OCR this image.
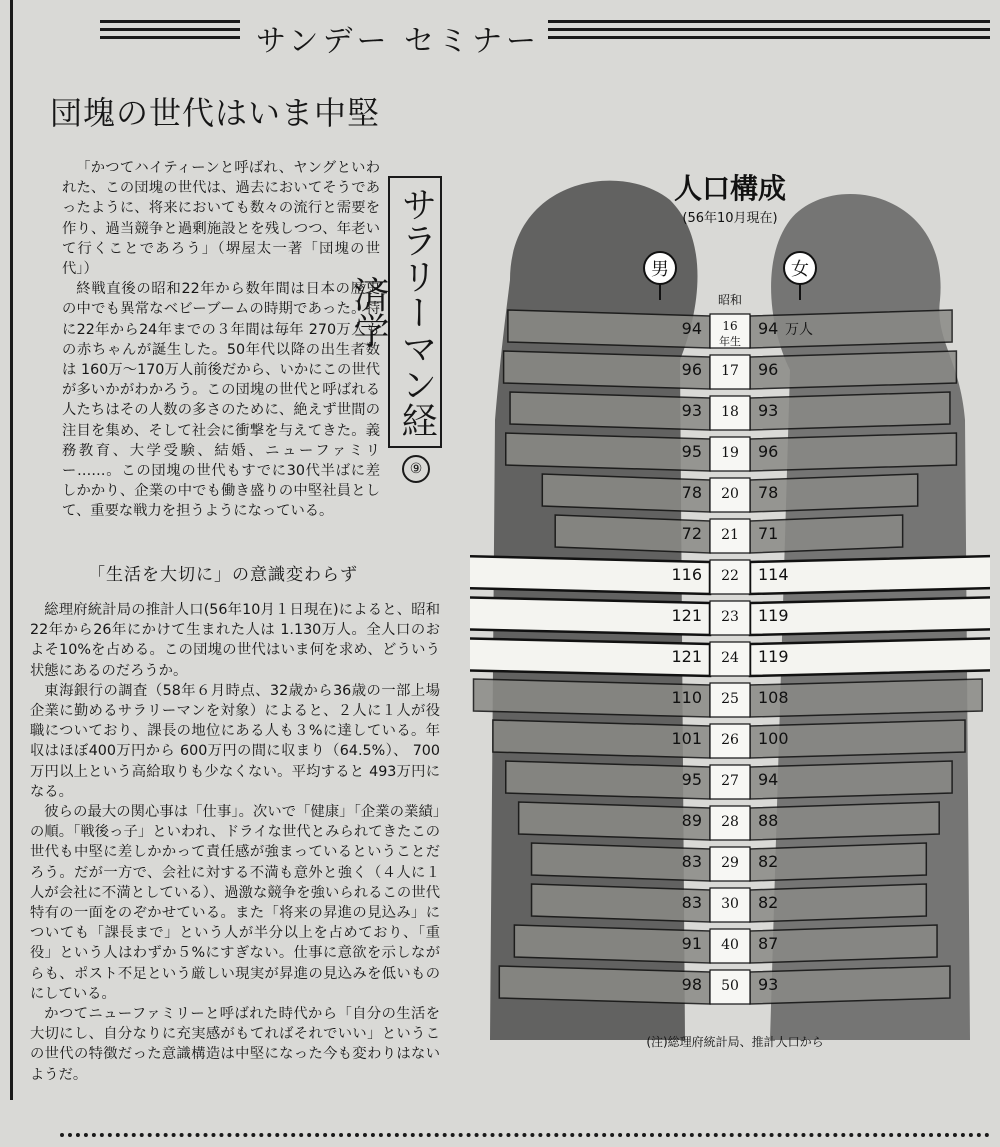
サンデー セミナー
団塊の世代はいま中堅
サラリーマン経済学
⑨

「かつてハイティーンと呼ばれ、ヤングといわれた、この団塊の世代は、過去においてそうであったように、将来においても数々の流行と需要を作り、過当競争と過剰施設とを残しつつ、年老いて行くことであろう」（堺屋太一著「団塊の世代」）

終戦直後の昭和22年から数年間は日本の歴史の中でも異常なベビーブームの時期であった。特に22年から24年までの３年間は毎年 270万人もの赤ちゃんが誕生した。50年代以降の出生者数は 160万～170万人前後だから、いかにこの世代が多いかがわかろう。この団塊の世代と呼ばれる人たちはその人数の多さのために、絶えず世間の注目を集め、そして社会に衝撃を与えてきた。義務教育、大学受験、結婚、ニューファミリー……。この団塊の世代もすでに30代半ばに差しかかり、企業の中でも働き盛りの中堅社員として、重要な戦力を担うようになっている。

「生活を大切に」の意識変わらず

総理府統計局の推計人口(56年10月１日現在)によると、昭和22年から26年にかけて生まれた人は 1.130万人。全人口のおよそ10%を占める。この団塊の世代はいま何を求め、どういう状態にあるのだろうか。

東海銀行の調査（58年６月時点、32歳から36歳の一部上場企業に勤めるサラリーマンを対象）によると、２人に１人が役職についており、課長の地位にある人も３%に達している。年収はほぼ400万円から 600万円の間に収まり（64.5%）、 700万円以上という高給取りも少なくない。平均すると 493万円になる。

彼らの最大の関心事は「仕事」。次いで「健康」「企業の業績」の順。「戦後っ子」といわれ、ドライな世代とみられてきたこの世代も中堅に差しかかって責任感が強まっているということだろう。だが一方で、会社に対する不満も意外と強く（４人に１人が会社に不満としている）、過激な競争を強いられるこの世代特有の一面をのぞかせている。また「将来の昇進の見込み」についても「課長まで」という人が半分以上を占めており、「重役」という人はわずか５%にすぎない。仕事に意欲を示しながらも、ポスト不足という厳しい現実が昇進の見込みを低いものにしている。

かつてニューファミリーと呼ばれた時代から「自分の生活を大切にし、自分なりに充実感がもてればそれでいい」というこの世代の特徴だった意識構造は中堅になった今も変わりはないようだ。

人口構成
(56年10月現在)
男	女
94
昭和
16
年生
94 万人
96 17 96
93 18 93
95 19 96
78 20 78
72 21 71
116 22 114
121 23 119
121 24 119
110 25 108
101 26 100
95 27 94
89 28 88
83 29 82
83 30 82
91 40 87
98 50 93
(注)総理府統計局、推計人口から
